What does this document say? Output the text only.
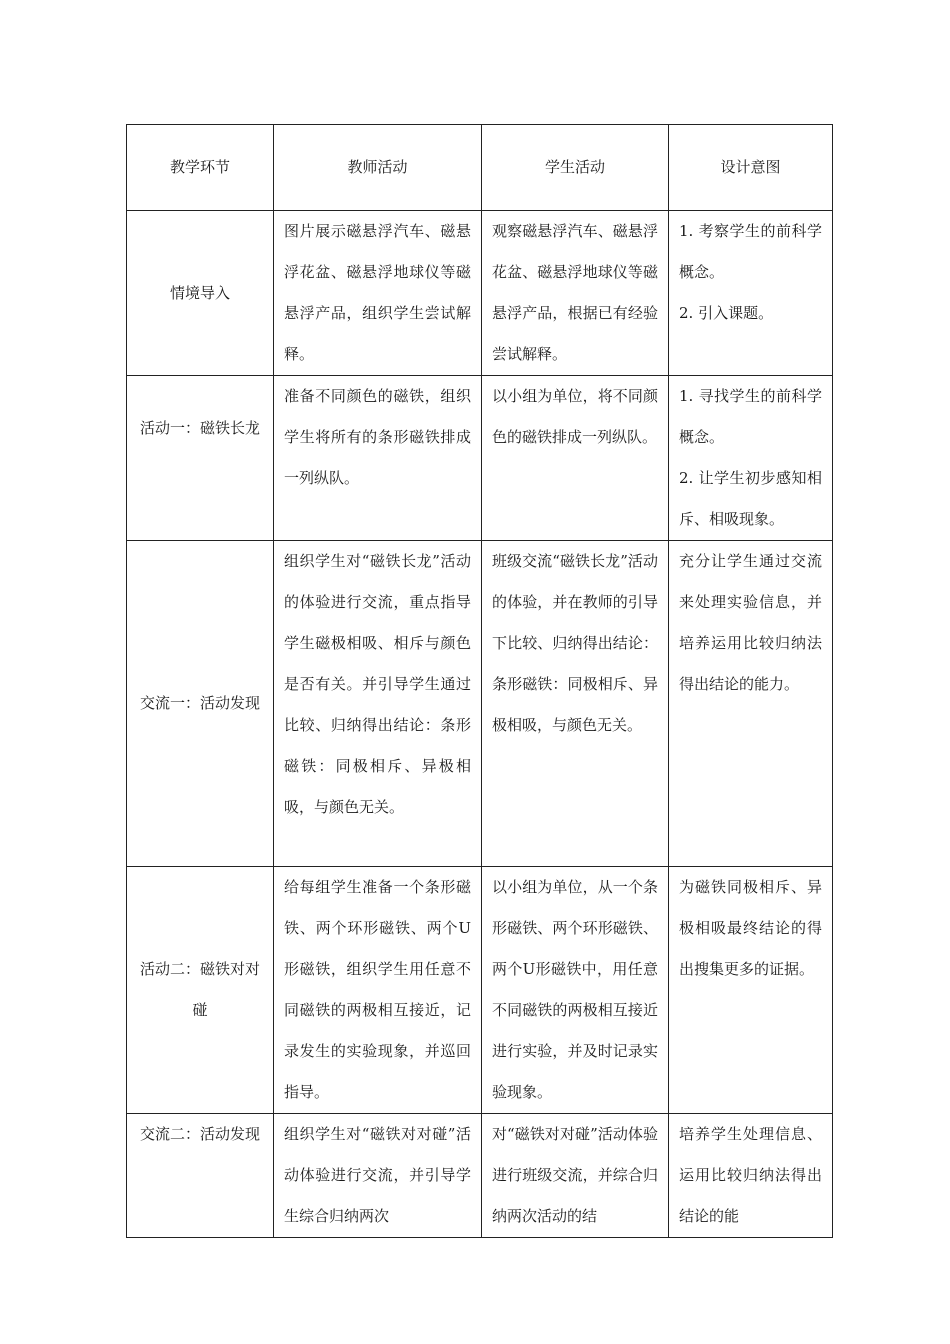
教学环节	教师活动	学生活动	设计意图
情境导入	图片展示磁悬浮汽车、磁悬浮花盆、磁悬浮地球仪等磁悬浮产品，组织学生尝试解释。	观察磁悬浮汽车、磁悬浮花盆、磁悬浮地球仪等磁悬浮产品，根据已有经验尝试解释。	1. 考察学生的前科学概念。

2. 引入课题。

活动一：磁铁长龙	准备不同颜色的磁铁，组织学生将所有的条形磁铁排成一列纵队。	以小组为单位，将不同颜色的磁铁排成一列纵队。	1. 寻找学生的前科学概念。

2. 让学生初步感知相斥、相吸现象。

交流一：活动发现	组织学生对“磁铁长龙”活动的体验进行交流，重点指导学生磁极相吸、相斥与颜色是否有关。并引导学生通过比较、归纳得出结论：条形磁铁：同极相斥、异极相吸，与颜色无关。	班级交流“磁铁长龙”活动的体验，并在教师的引导下比较、归纳得出结论：条形磁铁：同极相斥、异极相吸，与颜色无关。	充分让学生通过交流来处理实验信息，并培养运用比较归纳法得出结论的能力。

活动二：磁铁对对碰	给每组学生准备一个条形磁铁、两个环形磁铁、两个U形磁铁，组织学生用任意不同磁铁的两极相互接近，记录发生的实验现象，并巡回指导。	以小组为单位，从一个条形磁铁、两个环形磁铁、两个U形磁铁中，用任意不同磁铁的两极相互接近进行实验，并及时记录实验现象。	为磁铁同极相斥、异极相吸最终结论的得出搜集更多的证据。

交流二：活动发现	组织学生对“磁铁对对碰”活动体验进行交流，并引导学生综合归纳两次	对“磁铁对对碰”活动体验进行班级交流，并综合归纳两次活动的结	培养学生处理信息、运用比较归纳法得出结论的能
